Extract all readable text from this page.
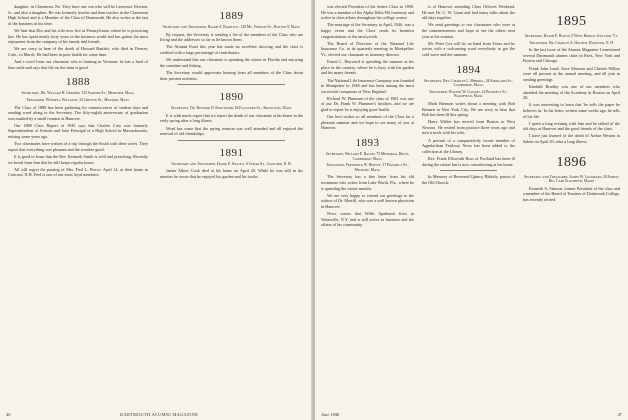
daughter, in Claremont, Ne. They have one son who will be Lawrence Newton, Jr., and also a daughter. He was formerly teacher and then teaches in the Claremont High School and is a Member of the Class of Dartmouth. He also writes at the last of the business in his time.

We hear that Doc and his wife now live in Pennsylvania, where he is practicing law. He has spent nearly forty years in the business world and has gotten the most enjoyment from the company of his family and friends.

We are sorry to hear of the death of Howard Bartlett, who died in Denver, Colo., in March. He had been in poor health for some time.

And a word from our classmate who is farming in Vermont: he has a herd of fine cattle and says that life on the farm is good.

1888
Secretary, Dr. William H. Gerrish, 133 Sumner St., Medford, Mass.
Treasurer, Wendell Williams, 34 Chiffon St., Milford, Mass.

The Class of 1888 has been gathering for reminiscences of student days and sending word along to the Secretary. The fifty-eighth anniversary of graduation was marked by a small reunion at Hanover.

Our 1888 Class Report of 1945 says that Charles Cary was formerly Superintendent of Schools and later Principal of a High School in Massachusetts, retiring some years ago.

Two classmates have written of a trip through the South with their wives. They report that everything was pleasant and the weather good.

It is good to learn that the Rev. Kenneth Smith is well and preaching. Recently we heard from him that he still keeps regular hours.

All will regret the passing of Mrs. Fred L. Pierce. April 14, at their home in Concord, N.H. Fred is one of our most loyal members.

1889
Secretary and Treasurer, Ralph A. Bartlett, 120 Mt. Vernon St., Boston 8, Mass.

By request, the Secretary is sending a list of the members of the Class who are living and the addresses so far as he knows them.

The Alumni Fund this year has made an excellent showing and the class is credited with a large percentage of contributors.

We understand that our classmate is spending the winter in Florida and enjoying the sunshine and fishing.

The Secretary would appreciate hearing from all members of the Class about their present activities.

1890
Secretary, Dr. Howard N. Kingsford, 54 Faulkner St., Arlington, Mass.

It is with much regret that we report the death of our classmate at his home in the early spring after a long illness.

Word has come that the spring reunion was well attended and all enjoyed the renewal of old friendships.

1891
Secretary and Treasurer, Frank E. Kelley, 6 Cedar St., Concord, N. H.

James Albert Cook died at his home on April 20. While he was still in his nineties he wrote that he enjoyed his garden and his books.

46	DARTMOUTH ALUMNI MAGAZINE

was elected President of the Senior Class in 1890. He was a member of the Alpha Delta Phi fraternity and active in class affairs throughout his college course.

The marriage of the Secretary in April, 1946, was a happy event and the Class sends its heartiest congratulations to the newlyweds.

The Board of Directors of the National Life Insurance Co. at its quarterly meeting in Montpelier, Vt., elected our classmate as honorary director.

Ernest L. Hayward is spending the summer at his place in the country, where he is busy with his garden and his many friends.

The National Life Insurance Company was founded in Montpelier in 1848 and has been among the most successful companies of New England.

Richard W. Plummer of the class of 1891 was one of our Dr. Frank W. Plummer's brothers, and we are glad to report he is enjoying good health.

Our best wishes to all members of the Class for a pleasant summer and we hope to see many of you at Hanover.

1893
Secretary, William E. Bacon, 75 Memorial Drive, Cambridge, Mass.
Treasurer, Frederick W. Hersey, 37 Prospect St., Melrose, Mass.

The Secretary has a fine letter from his old roommate who writes from Lake Worth, Fla., where he is spending the winter months.

We are very happy to extend our greetings to the widow of Dr. Merrill, who was a well known physician in Hanover.

News comes that Willis Sparhawk lives in Waterville, N.Y. and is still active in business and the affairs of his community.

is of Hanover attending Class Officers Weekend. He met Dr. C. W. Grant and had many talks about the old days together.

We send greetings to our classmates who were at the commencement and hope to see the others next year at the reunion.

Mr. Peter Cox will be on hand from Texas and he writes with a welcoming word everybody to get the cold wave and the summer.

1894
Secretary, Rev. Charles L. Merrill, 24 Kirkland St., Cambridge, Mass.
Treasurer, Walter W. Conant, 14 Prospect St., Wakefield, Mass.

Mark Brennan writes about a meeting with Bob Bennett in New York City. We are sorry to hear that Bob has been ill this spring.

Harry Wilder has moved from Boston to West Newton. He retired from practice three years ago and now travels with his wife.

A portrait of a comparatively recent member of Appalachian Trailway News has been added to the collection at the Library.

Rev. Frank Ellsworth Ross of Portland has been ill during the winter but is now convalescing at his home.

In Memory of Reverend Quincy Blakely, pastor of the Old Church.

1895
Secretary, Ralph E. Rotch, 5 West Bridge Junction, Vt.
Treasurer, Dr. Charles A. Holden, Hanover, N. H.

In the last issue of the Alumni Magazine I mentioned several Dartmouth alumni clubs in Paris, New York and Boston and Chicago.

Frank John Loud, Jesse Marston and Chester Wilbur were all present at the annual meeting, and all join in sending greetings.

Kimball Bradley was one of our members who attended the meeting of the Academy in Boston on April 20.

It was interesting to learn that 'he sells the paper he believes in.' In his letter, written some weeks ago, he tells of his life.

I spent a long evening with him and he talked of the old days at Hanover and the good friends of the class.

I have just learned of the death of Arthur Weston in Salem on April 20, after a long illness.

1896
Secretary and Treasurer, James W. Lockhart, 20 Forest Rd., Cape Elizabeth, Maine

Kenneth A. Stinson, former President of the class and a member of the Board of Trustees of Dartmouth College, has recently retired.

June 1946	47
